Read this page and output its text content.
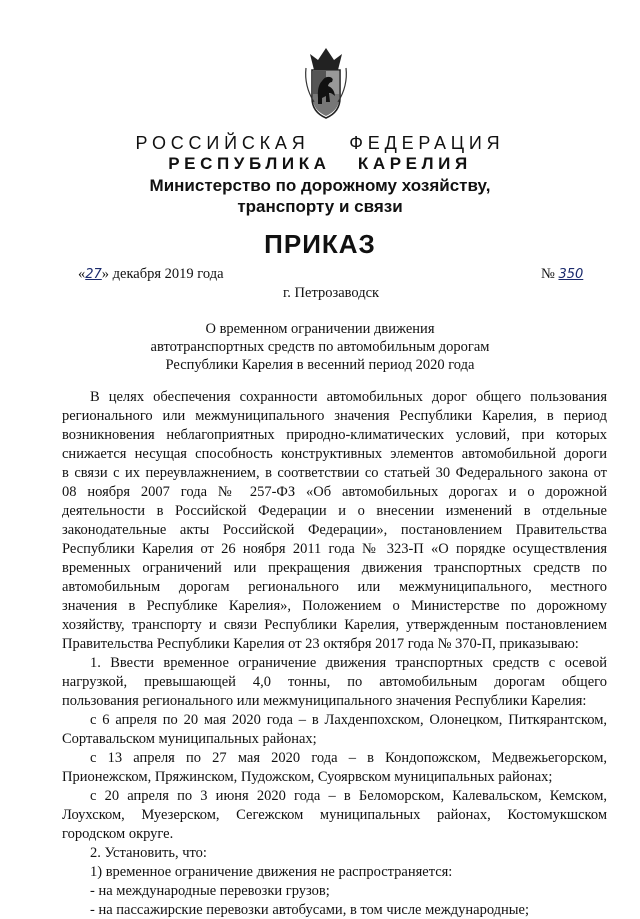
РОССИЙСКАЯ ФЕДЕРАЦИЯ
РЕСПУБЛИКА КАРЕЛИЯ
Министерство по дорожному хозяйству,
транспорту и связи
ПРИКАЗ
«27» декабря 2019 года	№ 350
г. Петрозаводск
О временном ограничении движения
автотранспортных средств по автомобильным дорогам
Республики Карелия в весенний период 2020 года
В целях обеспечения сохранности автомобильных дорог общего пользования
регионального или межмуниципального значения Республики Карелия, в период
возникновения неблагоприятных природно-климатических условий, при которых
снижается несущая способность конструктивных элементов автомобильной дороги
в связи с их переувлажнением, в соответствии со статьей 30 Федерального закона от
08 ноября 2007 года № 257-ФЗ «Об автомобильных дорогах и о дорожной
деятельности в Российской Федерации и о внесении изменений в отдельные
законодательные акты Российской Федерации», постановлением Правительства
Республики Карелия от 26 ноября 2011 года № 323-П «О порядке осуществления
временных ограничений или прекращения движения транспортных средств по
автомобильным дорогам регионального или межмуниципального, местного
значения в Республике Карелия», Положением о Министерстве по дорожному
хозяйству, транспорту и связи Республики Карелия, утвержденным постановлением
Правительства Республики Карелия от 23 октября 2017 года № 370-П, приказываю:
1. Ввести временное ограничение движения транспортных средств с осевой
нагрузкой, превышающей 4,0 тонны, по автомобильным дорогам общего
пользования регионального или межмуниципального значения Республики Карелия:
с 6 апреля по 20 мая 2020 года – в Лахденпохском, Олонецком, Питкярантском,
Сортавальском муниципальных районах;
с 13 апреля по 27 мая 2020 года – в Кондопожском, Медвежьегорском,
Прионежском, Пряжинском, Пудожском, Суоярвском муниципальных районах;
с 20 апреля по 3 июня 2020 года – в Беломорском, Калевальском, Кемском,
Лоухском, Муезерском, Сегежском муниципальных районах, Костомукшском
городском округе.
2. Установить, что:
1) временное ограничение движения не распространяется:
- на международные перевозки грузов;
- на пассажирские перевозки автобусами, в том числе международные;
